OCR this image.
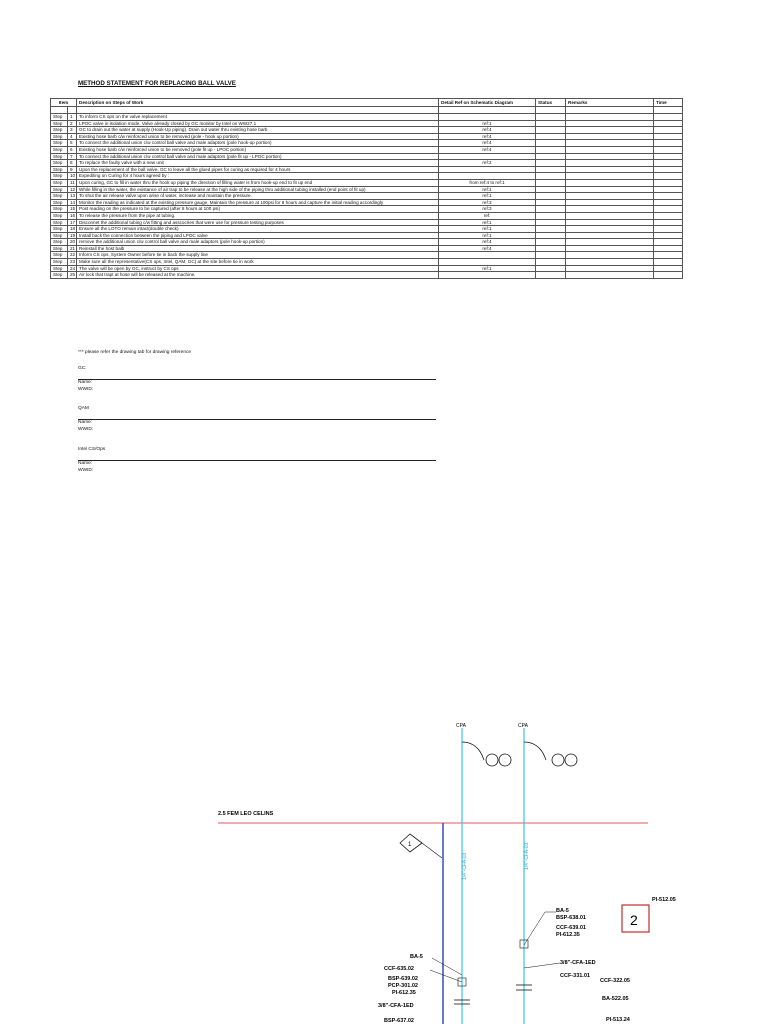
METHOD STATEMENT FOR REPLACING BALL VALVE
Item		Description on Steps of Work	Detail Ref on Schematic Diagram	Status	Remarks	Time

Step	1	To inform CS ops on the valve replacement				
Step	2	LPOC valve in isolation mode. Valve already closed by GC monitor by Intel on WW27.1	ref:1			
Step	3	GC to drain out the water at supply (Hook-Up piping). Drain out water thru existing hose barb	ref:4			
Step	4	Existing hose barb c/w reinforced union to be removed (pole - hook up portion)	ref:4			
Step	5	To connect the additional union c/w control ball valve and male adaptors (pole hook-up portion)	ref:4			
Step	6	Existing hose barb c/w reinforced union to be removed (pole fit up - LPOC portion)	ref:4			
Step	7	To connect the additional union c/w control ball valve and male adaptors (pole fit up - LPOC portion)				
Step	8	To replace the faulty valve with a new unit	ref:2			
Step	9	Upon the replacement of the ball valve. GC to leave all the glued pipes for curing as required for 4 hours				
Step	10	Expediting on Curing for 4 hours agreed by :				
Step	11	Upon curing, GC to fill in water thru the hook up piping the direction of filling water is from hook-up end to fit up end	from ref:4 to ref:1			
Step	12	While filling in the water, the existance of air trap to be release at the high side of the piping thru additional tubing installed (end point of fit up)	ref:1			
Step	13	To shut the air release valve upon arise of water, increase and maintain the pressure.	ref:1			
Step	14	Monitor the reading as indicated at the existing pressure gauge, Maintain the pressure at 100psi for 8 hours and capture the initial reading accordingly	ref:3			
Step	15	Post reading on the pressure to be captured (after 8 hours at 100 psi)	ref:3			
Step	16	To release the pressure from the pipe at tubing.	ref:			
Step	17	Disconnet the additional tubing c/w fitting and asscocries that were use for pressure testing purposes	ref:1			
Step	18	Ensure all the LOTO remain intact(double check)	ref:1			
Step	19	Install back the connection between the piping and LPOC valve	ref:1			
Step	20	remove the additional union c/w control ball valve and male adaptors (pole hook-up portion)	ref:4			
Step	21	Reinstall the host balb	ref:4			
Step	22	Inform CS ops, System Owner before tie in back the supply line				
Step	23	Make sure all the representative(CS ops, Intel, QAM, GC) at the site before tie in work				
Step	24	The valve will be open by GC, instruct by CS ops	ref:1			
Step	25	Air lock that trapt at hose will be released at the machine.				
*** please refer the drawing tab for drawing reference
GC:
Name:
WWID:
QAM
Name:
WWID:
Intel CS/Ops
Name:
WWID:
2.5 FEM LEO CELINS
CPA	CPA
1/4"-CFA-03	1/4"-CFA-03
1
2
PI-512.05
BA-5
BSP-638.01
CCF-639.01
PI-612.35
3/8"-CFA-1ED
CCF-331.01
CCF-322.05
BA-522.05
PI-513.24
BA-5
CCF-635.02
BSP-639.02
PCP-301.02
PI-612.35
3/8"-CFA-1ED
BSP-637.02
